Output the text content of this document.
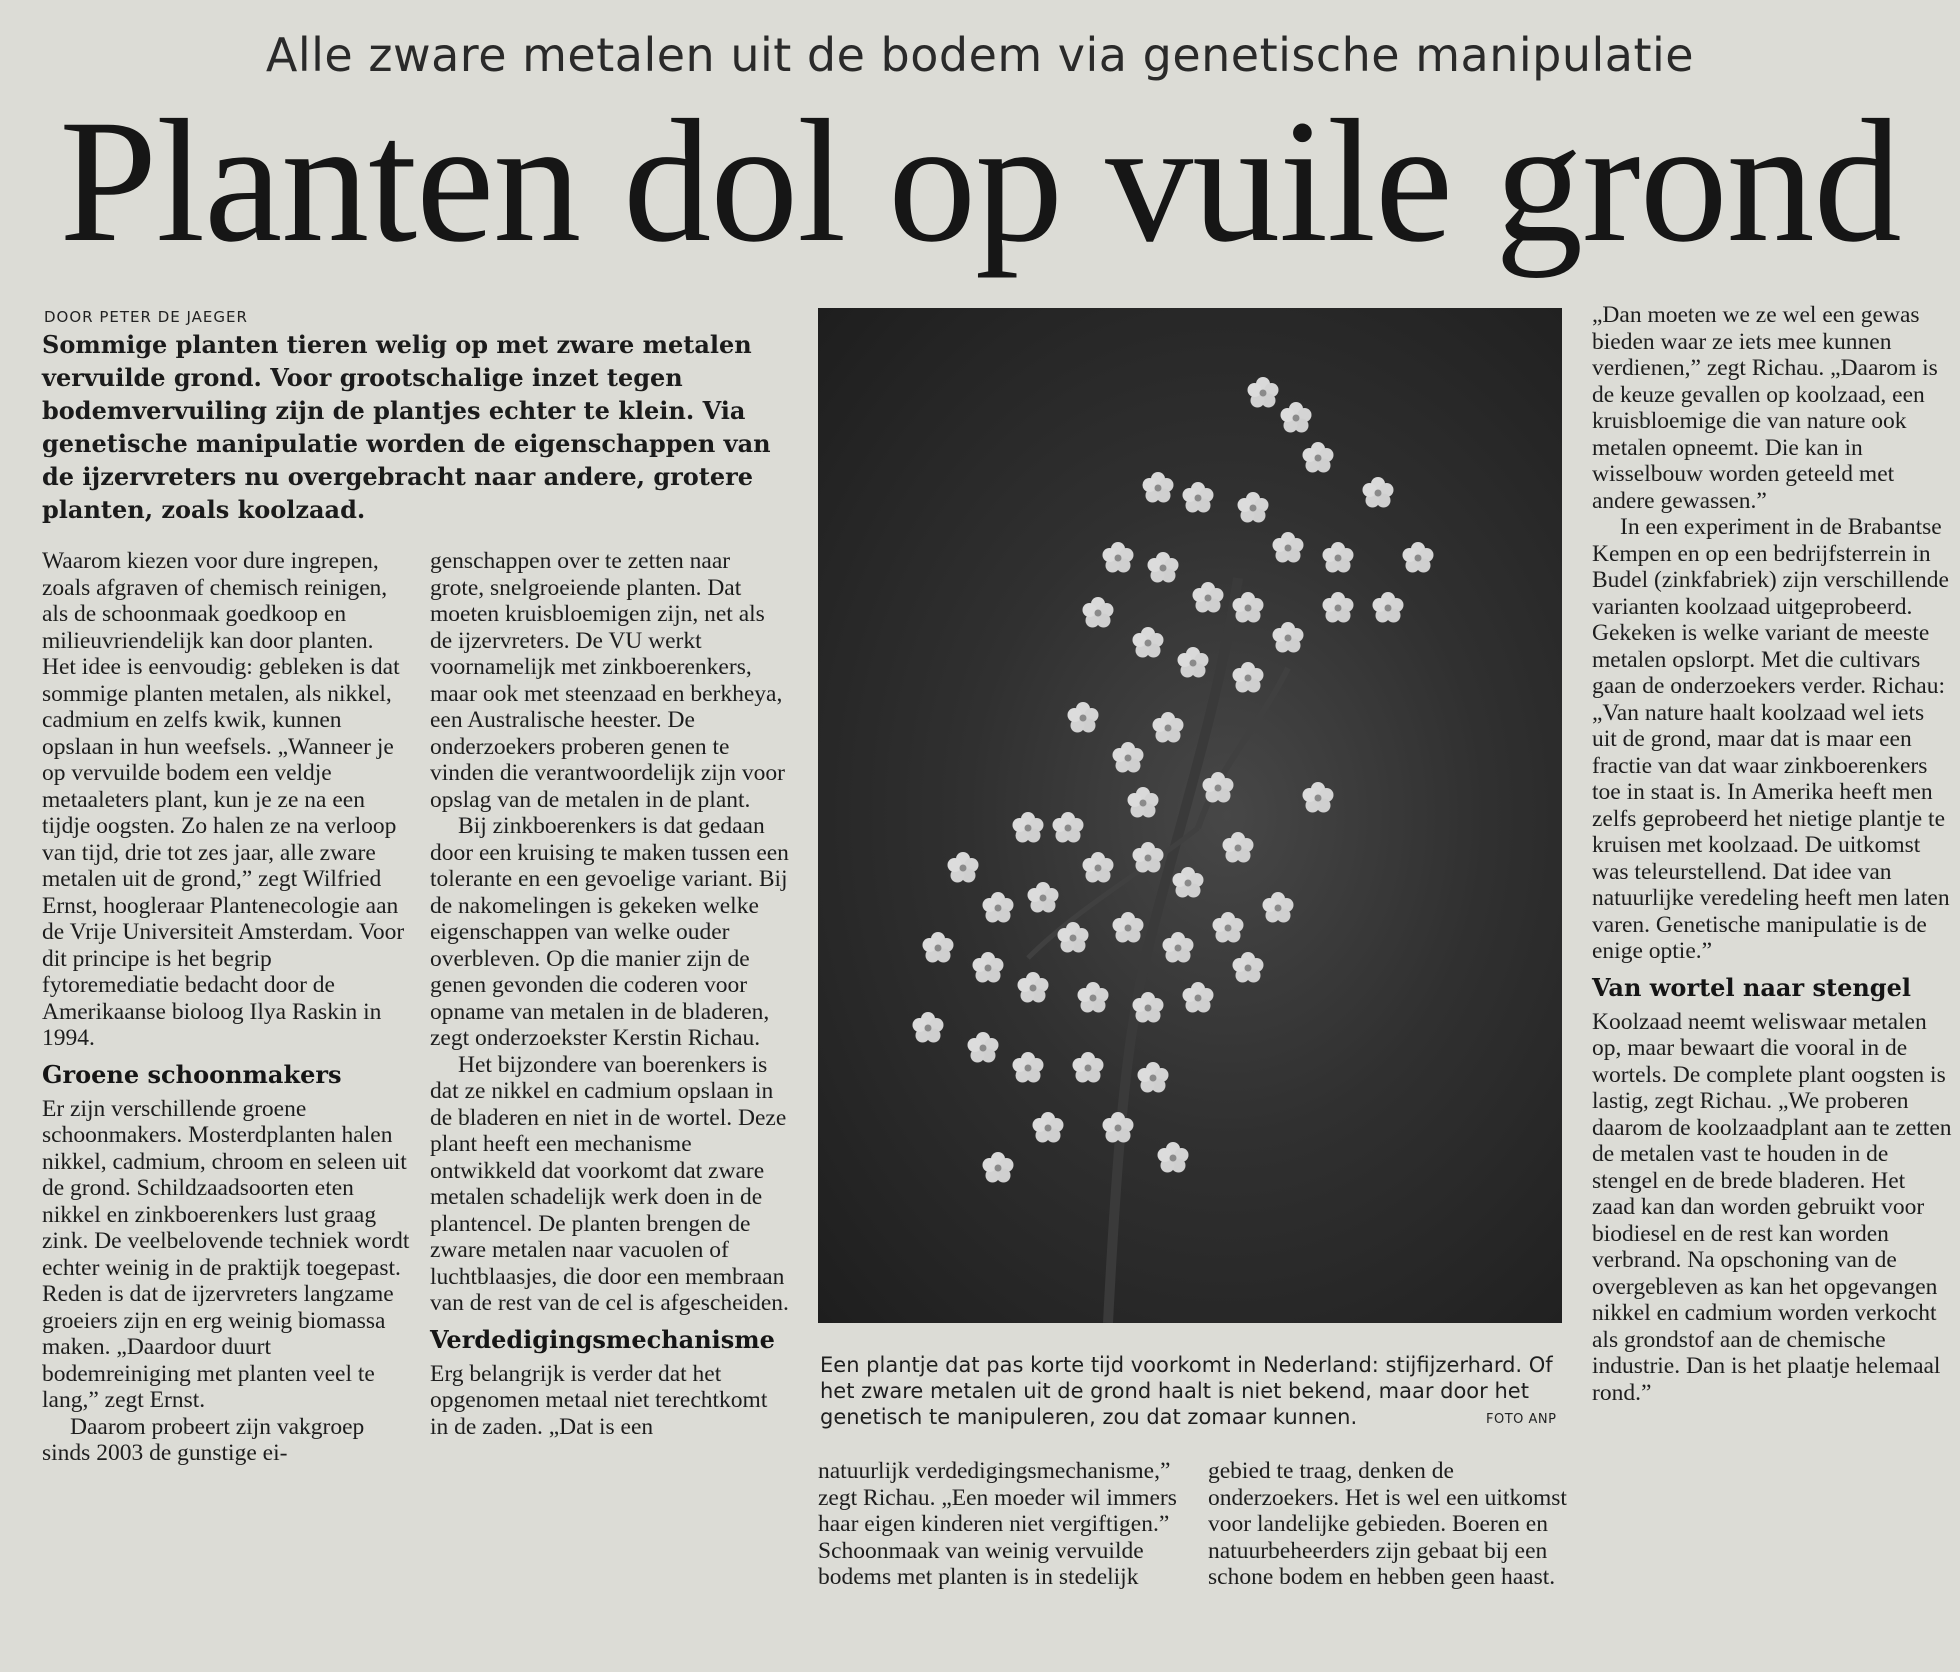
Alle zware metalen uit de bodem via genetische manipulatie
Planten dol op vuile grond
DOOR PETER DE JAEGER
Sommige planten tieren welig op met zware metalen vervuilde grond. Voor grootschalige inzet tegen bodemvervuiling zijn de plantjes echter te klein. Via genetische manipulatie worden de eigenschappen van de ijzervreters nu overgebracht naar andere, grotere planten, zoals koolzaad.

Waarom kiezen voor dure ingrepen, zoals afgraven of chemisch reinigen, als de schoonmaak goedkoop en milieuvriendelijk kan door planten. Het idee is eenvoudig: gebleken is dat sommige planten metalen, als nikkel, cadmium en zelfs kwik, kunnen opslaan in hun weefsels. „Wanneer je op vervuilde bodem een veldje metaaleters plant, kun je ze na een tijdje oogsten. Zo halen ze na verloop van tijd, drie tot zes jaar, alle zware metalen uit de grond,” zegt Wilfried Ernst, hoogleraar Plantenecologie aan de Vrije Universiteit Amsterdam. Voor dit principe is het begrip fytoremediatie bedacht door de Amerikaanse bioloog Ilya Raskin in 1994.

Groene schoonmakers

Er zijn verschillende groene schoonmakers. Mosterdplanten halen nikkel, cadmium, chroom en seleen uit de grond. Schildzaadsoorten eten nikkel en zinkboerenkers lust graag zink. De veelbelovende techniek wordt echter weinig in de praktijk toegepast. Reden is dat de ijzervreters langzame groeiers zijn en erg weinig biomassa maken. „Daardoor duurt bodemreiniging met planten veel te lang,” zegt Ernst.

Daarom probeert zijn vakgroep sinds 2003 de gunstige ei-

genschappen over te zetten naar grote, snelgroeiende planten. Dat moeten kruisbloemigen zijn, net als de ijzervreters. De VU werkt voornamelijk met zinkboerenkers, maar ook met steenzaad en berkheya, een Australische heester. De onderzoekers proberen genen te vinden die verantwoordelijk zijn voor opslag van de metalen in de plant.

Bij zinkboerenkers is dat gedaan door een kruising te maken tussen een tolerante en een gevoelige variant. Bij de nakomelingen is gekeken welke eigenschappen van welke ouder overbleven. Op die manier zijn de genen gevonden die coderen voor opname van metalen in de bladeren, zegt onderzoekster Kerstin Richau.

Het bijzondere van boerenkers is dat ze nikkel en cadmium opslaan in de bladeren en niet in de wortel. Deze plant heeft een mechanisme ontwikkeld dat voorkomt dat zware metalen schadelijk werk doen in de plantencel. De planten brengen de zware metalen naar vacuolen of luchtblaasjes, die door een membraan van de rest van de cel is afgescheiden.

Verdedigingsmechanisme

Erg belangrijk is verder dat het opgenomen metaal niet terechtkomt in de zaden. „Dat is een

Een plantje dat pas korte tijd voorkomt in Nederland: stijfijzerhard. Of het zware metalen uit de grond haalt is niet bekend, maar door het genetisch te manipuleren, zou dat zomaar kunnen.	FOTO ANP

natuurlijk verdedigingsmechanisme,” zegt Richau. „Een moeder wil immers haar eigen kinderen niet vergiftigen.” Schoonmaak van weinig vervuilde bodems met planten is in stedelijk

gebied te traag, denken de onderzoekers. Het is wel een uitkomst voor landelijke gebieden. Boeren en natuurbeheerders zijn gebaat bij een schone bodem en hebben geen haast.

„Dan moeten we ze wel een gewas bieden waar ze iets mee kunnen verdienen,” zegt Richau. „Daarom is de keuze gevallen op koolzaad, een kruisbloemige die van nature ook metalen opneemt. Die kan in wisselbouw worden geteeld met andere gewassen.”

In een experiment in de Brabantse Kempen en op een bedrijfsterrein in Budel (zinkfabriek) zijn verschillende varianten koolzaad uitgeprobeerd. Gekeken is welke variant de meeste metalen opslorpt. Met die cultivars gaan de onderzoekers verder. Richau: „Van nature haalt koolzaad wel iets uit de grond, maar dat is maar een fractie van dat waar zinkboerenkers toe in staat is. In Amerika heeft men zelfs geprobeerd het nietige plantje te kruisen met koolzaad. De uitkomst was teleurstellend. Dat idee van natuurlijke veredeling heeft men laten varen. Genetische manipulatie is de enige optie.”

Van wortel naar stengel

Koolzaad neemt weliswaar metalen op, maar bewaart die vooral in de wortels. De complete plant oogsten is lastig, zegt Richau. „We proberen daarom de koolzaadplant aan te zetten de metalen vast te houden in de stengel en de brede bladeren. Het zaad kan dan worden gebruikt voor biodiesel en de rest kan worden verbrand. Na opschoning van de overgebleven as kan het opgevangen nikkel en cadmium worden verkocht als grondstof aan de chemische industrie. Dan is het plaatje helemaal rond.”
